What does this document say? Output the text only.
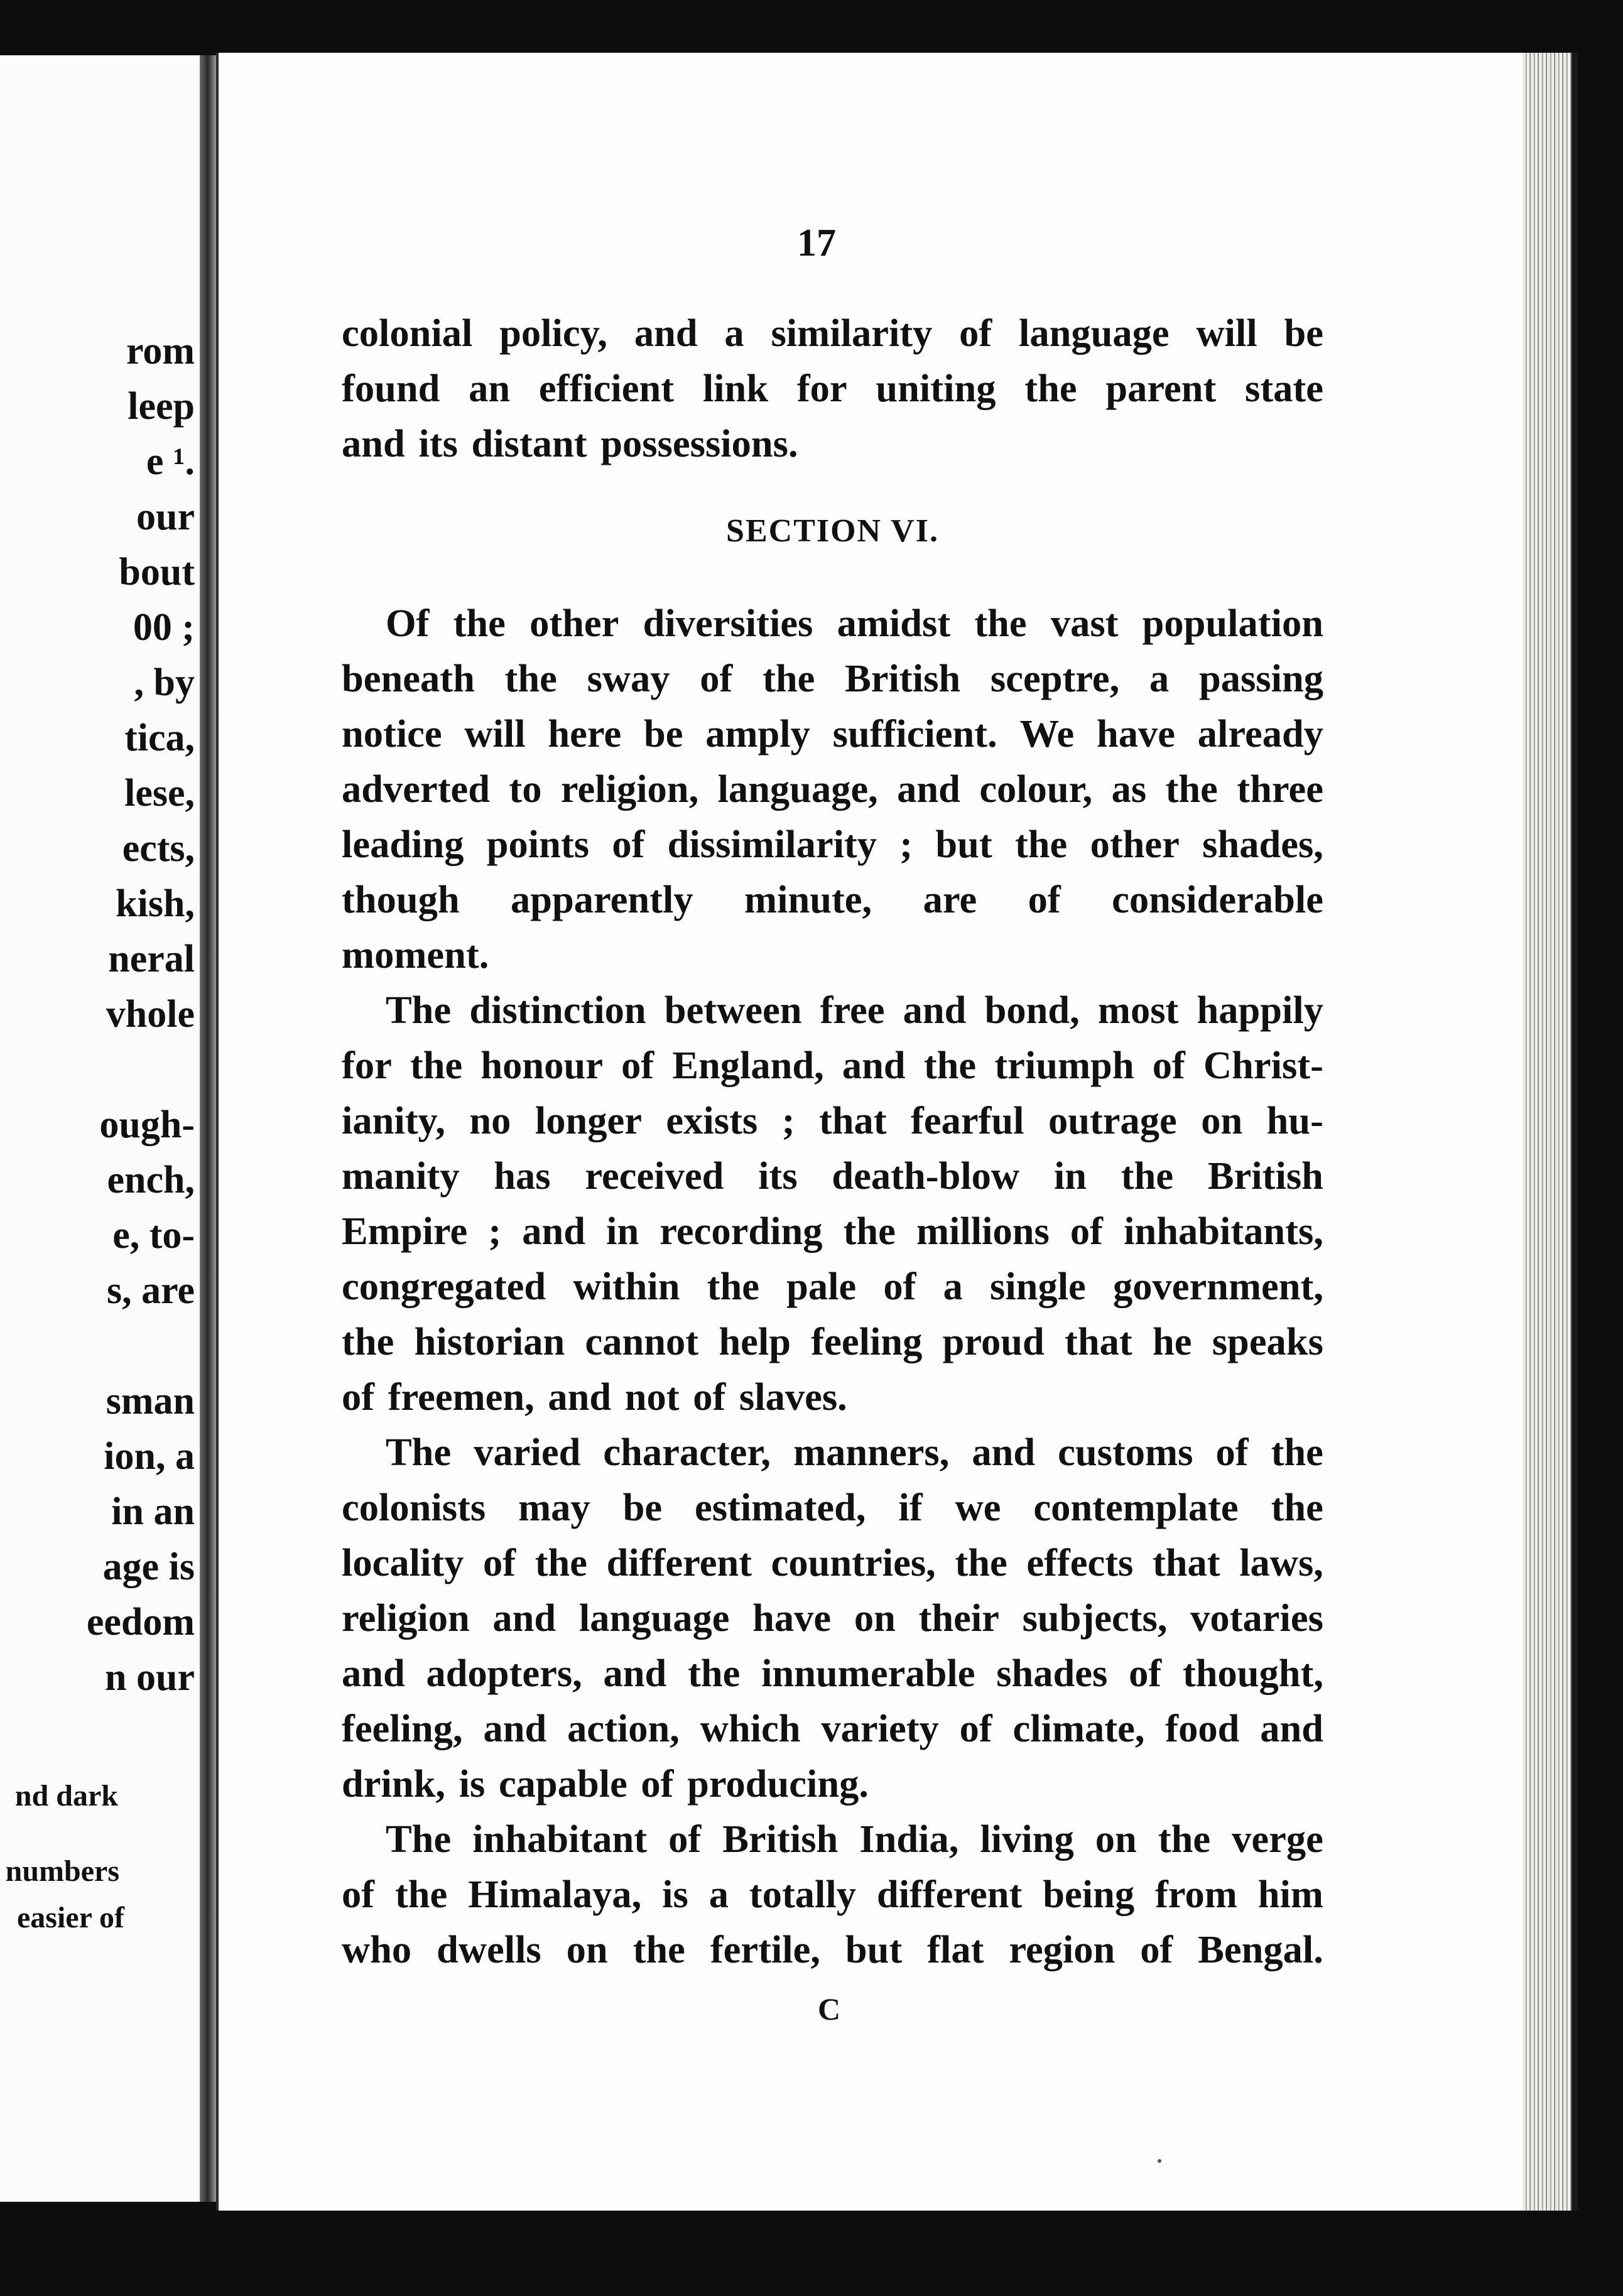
rom
leep
e ¹.
our
bout
00 ;
, by
tica,
lese,
ects,
kish,
neral
vhole
ough-
ench,
e, to-
s, are
sman
ion, a
in an
age is
eedom
n our
nd dark
numbers
easier of
17
colonial policy, and a similarity of language will be
found an efficient link for uniting the parent state
and its distant possessions.
SECTION VI.
Of the other diversities amidst the vast population
beneath the sway of the British sceptre, a passing
notice will here be amply sufficient. We have already
adverted to religion, language, and colour, as the three
leading points of dissimilarity ; but the other shades,
though apparently minute, are of considerable
moment.
The distinction between free and bond, most happily
for the honour of England, and the triumph of Christ-
ianity, no longer exists ; that fearful outrage on hu-
manity has received its death-blow in the British
Empire ; and in recording the millions of inhabitants,
congregated within the pale of a single government,
the historian cannot help feeling proud that he speaks
of freemen, and not of slaves.
The varied character, manners, and customs of the
colonists may be estimated, if we contemplate the
locality of the different countries, the effects that laws,
religion and language have on their subjects, votaries
and adopters, and the innumerable shades of thought,
feeling, and action, which variety of climate, food and
drink, is capable of producing.
The inhabitant of British India, living on the verge
of the Himalaya, is a totally different being from him
who dwells on the fertile, but flat region of Bengal.
C
